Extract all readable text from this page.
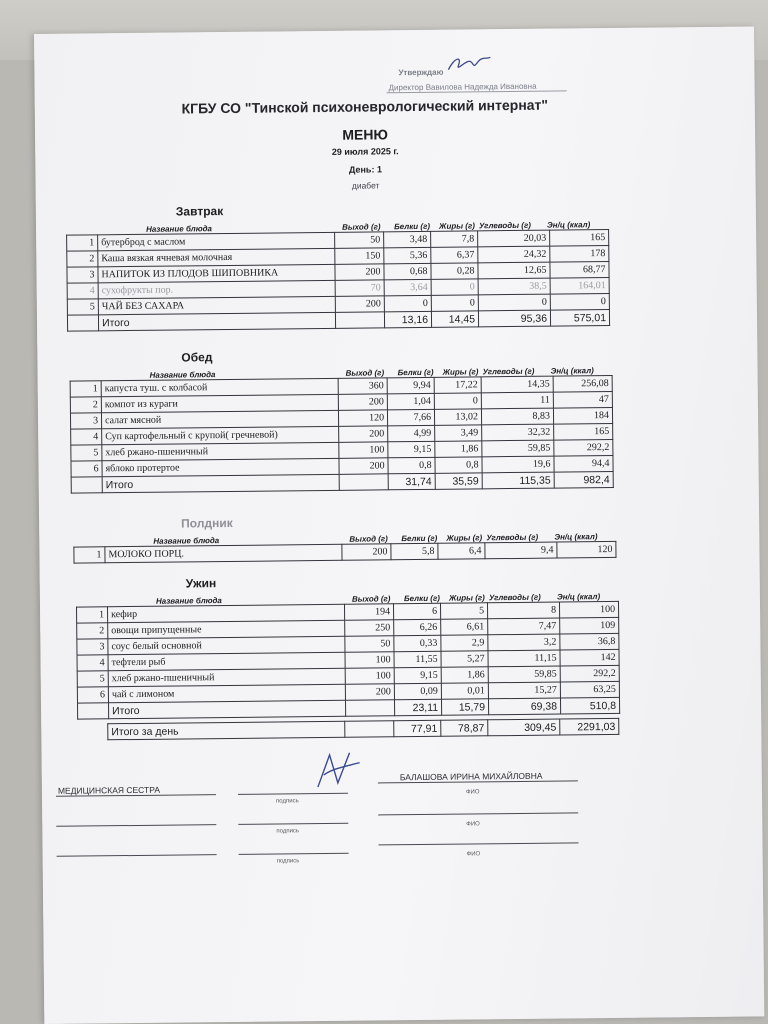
Утверждаю
Директор Вавилова Надежда Ивановна
КГБУ СО "Тинской психоневрологический интернат"
МЕНЮ
29 июля 2025 г.
День: 1
диабет
Завтрак
Название блюда	Выход (г)	Белки (г)	Жиры (г) Углеводы (г)	Эн/ц (ккал)
1	бутерброд с маслом	50	3,48	7,8	20,03	165
2	Каша вязкая ячневая молочная	150	5,36	6,37	24,32	178
3	НАПИТОК ИЗ ПЛОДОВ ШИПОВНИКА	200	0,68	0,28	12,65	68,77
4	сухофрукты пор.	70	3,64	0	38,5	164,01
5	ЧАЙ БЕЗ САХАРА	200	0	0	0	0
	Итого		13,16	14,45	95,36	575,01
Обед
Название блюда	Выход (г)	Белки (г)	Жиры (г) Углеводы (г)	Эн/ц (ккал)
1	капуста туш. с колбасой	360	9,94	17,22	14,35	256,08
2	компот из кураги	200	1,04	0	11	47
3	салат мясной	120	7,66	13,02	8,83	184
4	Суп картофельный с крупой( гречневой)	200	4,99	3,49	32,32	165
5	хлеб ржано-пшеничный	100	9,15	1,86	59,85	292,2
6	яблоко протертое	200	0,8	0,8	19,6	94,4
	Итого		31,74	35,59	115,35	982,4
Полдник
Название блюда	Выход (г)	Белки (г)	Жиры (г) Углеводы (г)	Эн/ц (ккал)
1	МОЛОКО ПОРЦ.	200	5,8	6,4	9,4	120
Ужин
Название блюда	Выход (г)	Белки (г)	Жиры (г) Углеводы (г)	Эн/ц (ккал)
1	кефир	194	6	5	8	100
2	овощи припущенные	250	6,26	6,61	7,47	109
3	соус белый основной	50	0,33	2,9	3,2	36,8
4	тефтели рыб	100	11,55	5,27	11,15	142
5	хлеб ржано-пшеничный	100	9,15	1,86	59,85	292,2
6	чай с лимоном	200	0,09	0,01	15,27	63,25
	Итого		23,11	15,79	69,38	510,8
	Итого за день		77,91	78,87	309,45	2291,03
МЕДИЦИНСКАЯ СЕСТРА
подпись
БАЛАШОВА ИРИНА МИХАЙЛОВНА
ФИО
подпись
ФИО
подпись
ФИО
